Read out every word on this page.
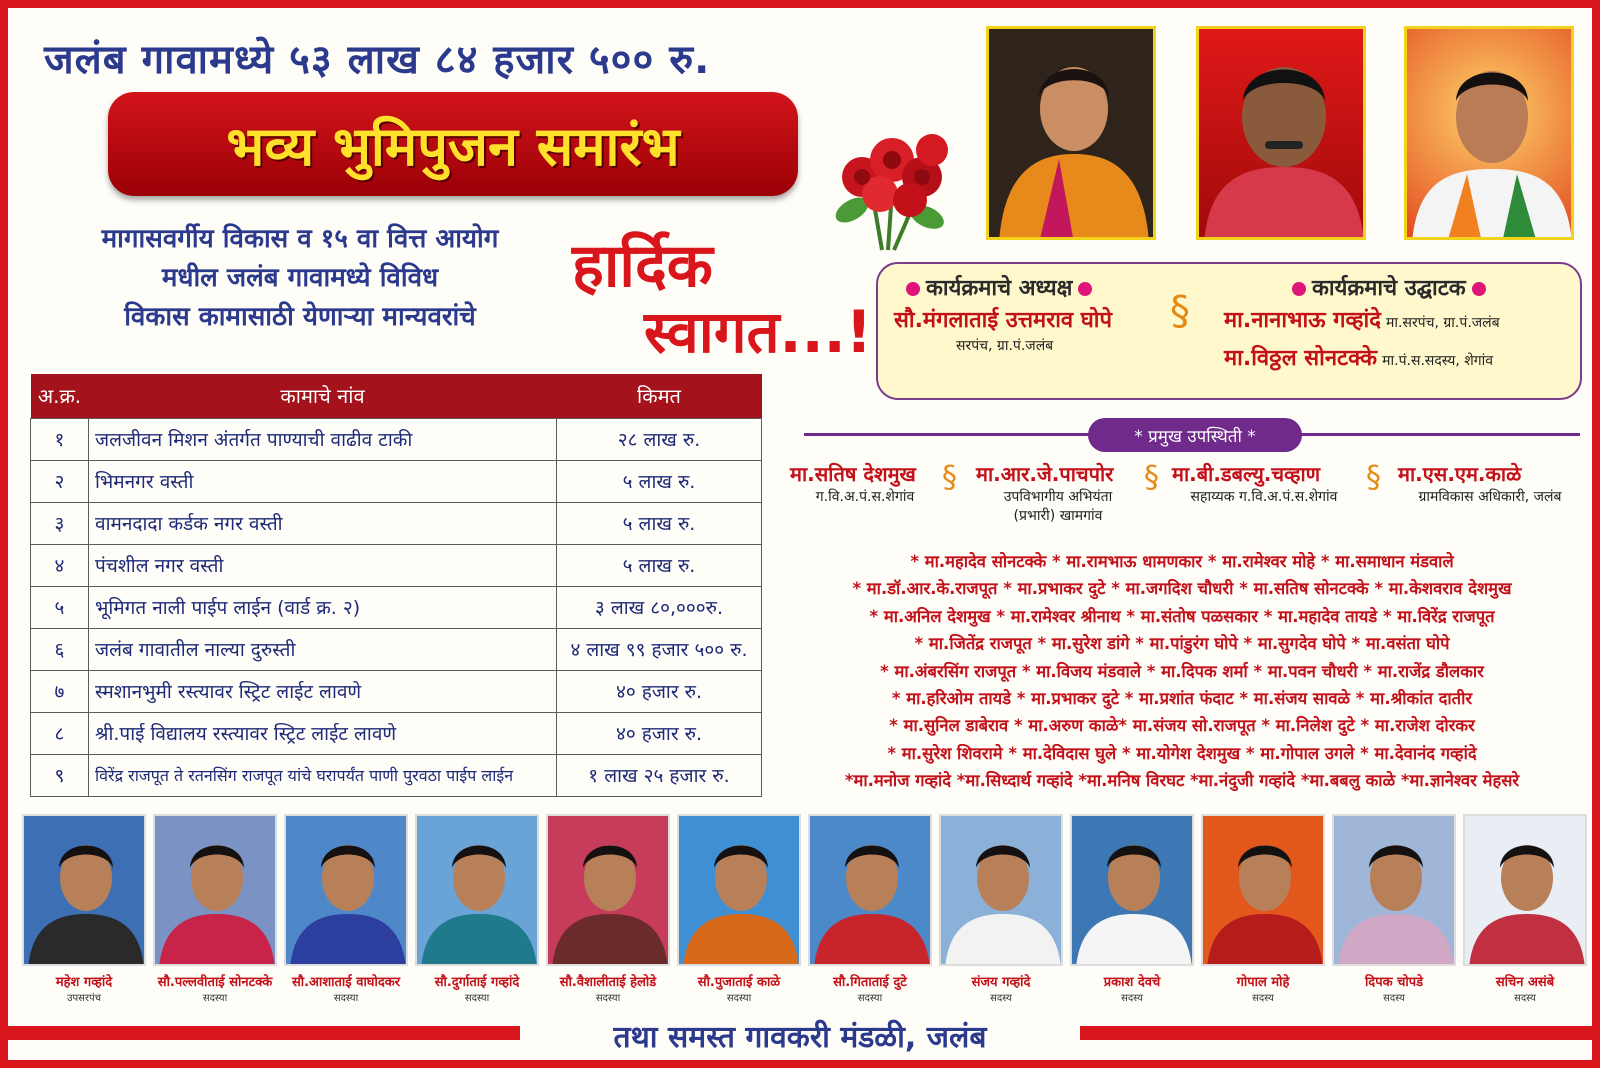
जलंब गावामध्ये ५३ लाख ८४ हजार ५०० रु.
भव्य भुमिपुजन समारंभ
मागासवर्गीय विकास व १५ वा वित्त आयोग
मधील जलंब गावामध्ये विविध
विकास कामासाठी येणाऱ्या मान्यवरांचे
हार्दिक
स्वागत...!
कार्यक्रमाचे अध्यक्ष
सौ.मंगलाताई उत्तमराव घोपे
सरपंच, ग्रा.पं.जलंब
§	कार्यक्रमाचे उद्घाटक
मा.नानाभाऊ गव्हांदे मा.सरपंच, ग्रा.पं.जलंब
मा.विठ्ठल सोनटक्के मा.पं.स.सदस्य, शेगांव
अ.क्र.	कामाचे नांव	किमत
१	जलजीवन मिशन अंतर्गत पाण्याची वाढीव टाकी	२८ लाख रु.
२	भिमनगर वस्ती	५ लाख रु.
३	वामनदादा कर्डक नगर वस्ती	५ लाख रु.
४	पंचशील नगर वस्ती	५ लाख रु.
५	भूमिगत नाली पाईप लाईन (वार्ड क्र. २)	३ लाख ८०,०००रु.
६	जलंब गावातील नाल्या दुरुस्ती	४ लाख ९९ हजार ५०० रु.
७	स्मशानभुमी रस्त्यावर स्ट्रिट लाईट लावणे	४० हजार रु.
८	श्री.पाई विद्यालय रस्त्यावर स्ट्रिट लाईट लावणे	४० हजार रु.
९	विरेंद्र राजपूत ते रतनसिंग राजपूत यांचे घरापर्यंत पाणी पुरवठा पाईप लाईन	१ लाख २५ हजार रु.
* प्रमुख उपस्थिती *
मा.सतिष देशमुख
ग.वि.अ.पं.स.शेगांव
§ मा.आर.जे.पाचपोर
उपविभागीय अभियंता
(प्रभारी) खामगांव
§ मा.बी.डबल्यु.चव्हाण
सहाय्यक ग.वि.अ.पं.स.शेगांव
§ मा.एस.एम.काळे
ग्रामविकास अधिकारी, जलंब
* मा.महादेव सोनटक्के * मा.रामभाऊ धामणकार * मा.रामेश्वर मोहे * मा.समाधान मंडवाले
* मा.डॉ.आर.के.राजपूत * मा.प्रभाकर दुटे * मा.जगदिश चौधरी * मा.सतिष सोनटक्के * मा.केशवराव देशमुख
* मा.अनिल देशमुख * मा.रामेश्वर श्रीनाथ * मा.संतोष पळसकार * मा.महादेव तायडे * मा.विरेंद्र राजपूत
* मा.जितेंद्र राजपूत * मा.सुरेश डांगे * मा.पांडुरंग घोपे * मा.सुगदेव घोपे * मा.वसंता घोपे
* मा.अंबरसिंग राजपूत * मा.विजय मंडवाले * मा.दिपक शर्मा * मा.पवन चौधरी * मा.राजेंद्र डौलकार
* मा.हरिओम तायडे * मा.प्रभाकर दुटे * मा.प्रशांत फंदाट * मा.संजय सावळे * मा.श्रीकांत दातीर
* मा.सुनिल डाबेराव * मा.अरुण काळे* मा.संजय सो.राजपूत * मा.निलेश दुटे * मा.राजेश दोरकर
* मा.सुरेश शिवरामे * मा.देविदास घुले * मा.योगेश देशमुख * मा.गोपाल उगले * मा.देवानंद गव्हांदे
*मा.मनोज गव्हांदे *मा.सिध्दार्थ गव्हांदे *मा.मनिष विरघट *मा.नंदुजी गव्हांदे *मा.बबलु काळे *मा.ज्ञानेश्वर मेहसरे
महेश गव्हांदे
उपसरपंच
सौ.पल्लवीताई सोनटक्के
सदस्या
सौ.आशाताई वाघोदकर
सदस्या
सौ.दुर्गाताई गव्हांदे
सदस्या
सौ.वैशालीताई हेलोडे
सदस्या
सौ.पुजाताई काळे
सदस्या
सौ.गिताताई दुटे
सदस्या
संजय गव्हांदे
सदस्य
प्रकाश देवचे
सदस्य
गोपाल मोहे
सदस्य
दिपक चोपडे
सदस्य
सचिन असंबे
सदस्य
तथा समस्त गावकरी मंडळी, जलंब
